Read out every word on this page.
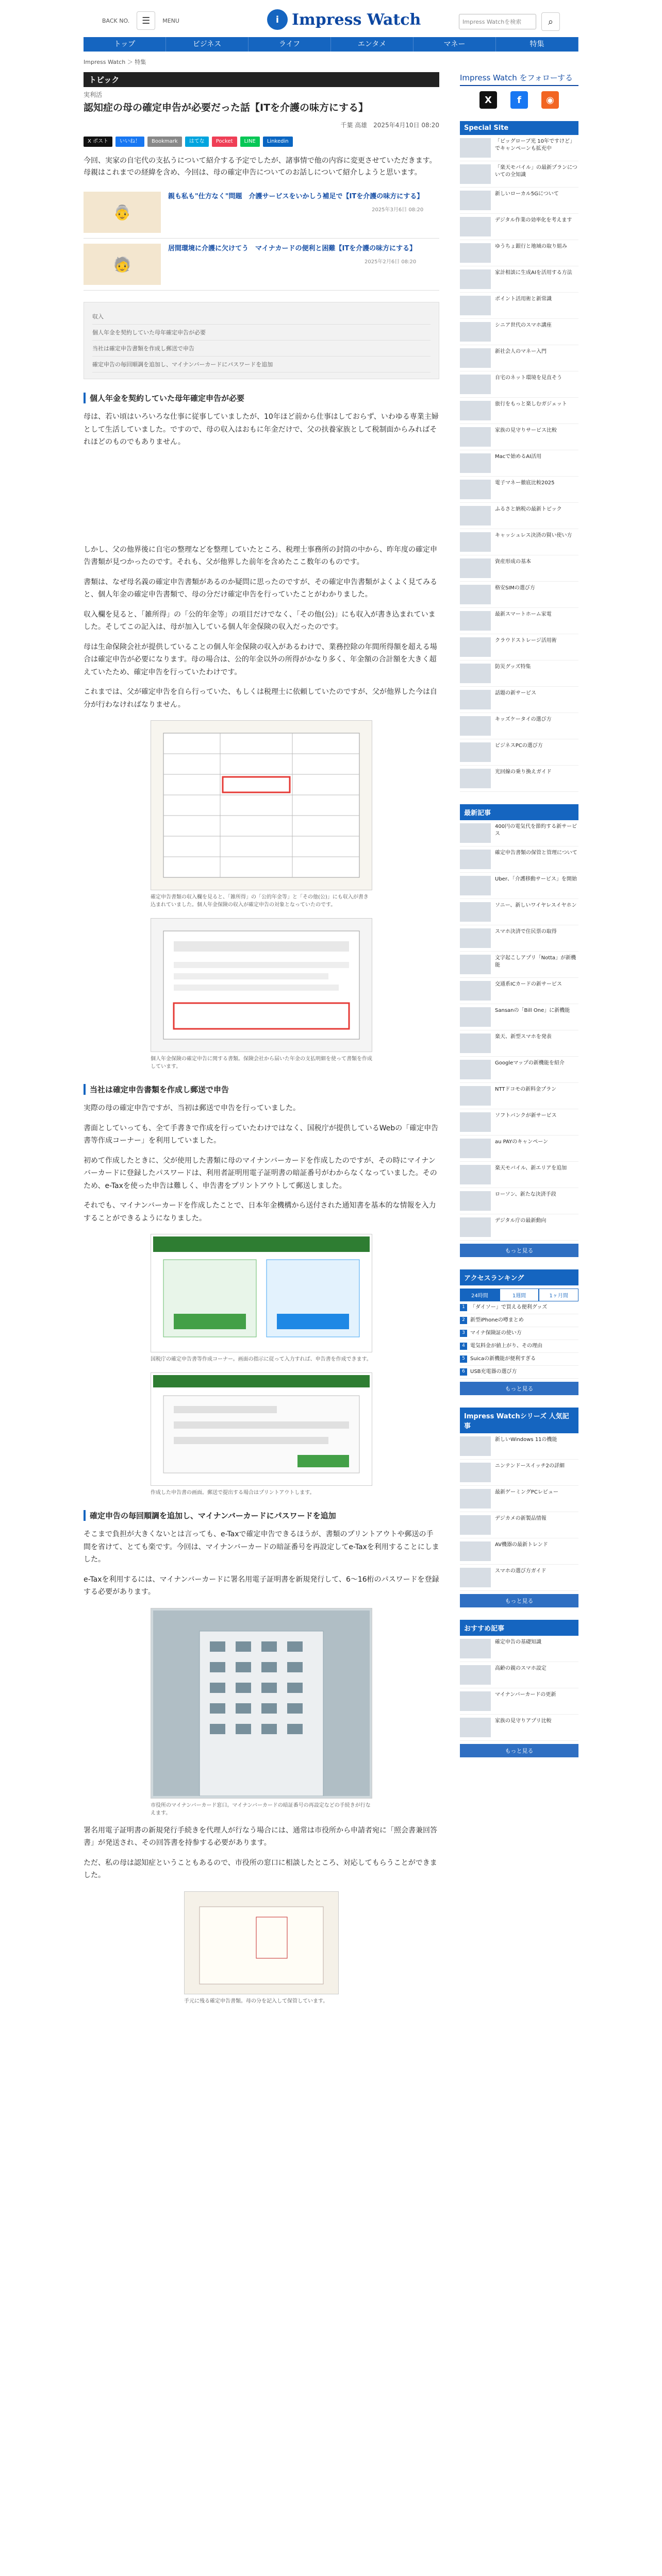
BACK NO.	☰	MENU	i Impress Watch	Impress Watchを検索	⌕
トップ	ビジネス	ライフ	エンタメ	マネー	特集
Impress Watch ＞ 特集
トピック
実利活
認知症の母の確定申告が必要だった話【ITを介護の味方にする】
千葉 高雄　2025年4月10日 08:20
X ポスト	いいね！	Bookmark	はてな	Pocket	LINE	Linkedin

今回、実家の自宅代の支払うについて紹介する予定でしたが、諸事情で他の内容に変更させていただきます。母親はこれまでの経緯を含め、今回は、母の確定申告についてのお話しについて紹介しようと思います。

👵
親も私も"仕方なく"問題　介護サービスをいかしう補足で【ITを介護の味方にする】
2025年3月6日 08:20
🧓
居間環境に介護に欠けてう　マイナカードの便利と困難【ITを介護の味方にする】
2025年2月6日 08:20
収入
個人年金を契約していた母年確定申告が必要
当社は確定申告書類を作成し郵送で申告
確定申告の毎回順調を追加し、マイナンバーカードにパスワードを追加
個人年金を契約していた母年確定申告が必要

母は、若い頃はいろいろな仕事に従事していましたが、10年ほど前から仕事はしておらず、いわゆる専業主婦として生活していました。ですので、母の収入はおもに年金だけで、父の扶養家族として税制面からみればそれほどのものでもありません。

しかし、父の他界後に自宅の整理などを整理していたところ、税理士事務所の封筒の中から、昨年度の確定申告書類が見つかったのです。それも、父が他界した前年を含めたここ数年のものです。

書類は、なぜ母名義の確定申告書類があるのか疑問に思ったのですが、その確定申告書類がよくよく見てみると、個人年金の確定申告書類で、母の分だけ確定申告を行っていたことがわかりました。

収入欄を見ると、「雑所得」の「公的年金等」の項目だけでなく、「その他(公)」にも収入が書き込まれていました。そしてこの記入は、母が加入している個人年金保険の収入だったのです。

母は生命保険会社が提供していることの個人年金保険の収入があるわけで、業務控除の年間所得額を超える場合は確定申告が必要になります。母の場合は、公的年金以外の所得がかなり多く、年金額の合計額を大きく超えていたため、確定申告を行っていたわけです。

これまでは、父が確定申告を自ら行っていた、もしくは税理士に依頼していたのですが、父が他界した今は自分が行わなければなりません。

確定申告書類の収入欄を見ると、「雑所得」の「公的年金等」と「その他(公)」にも収入が書き込まれていました。個人年金保険の収入が確定申告の対象となっていたのです。
個人年金保険の確定申告に関する書類。保険会社から届いた年金の支払明細を使って書類を作成しています。
当社は確定申告書類を作成し郵送で申告

実際の母の確定申告ですが、当初は郵送で申告を行っていました。

書面としていっても、全て手書きで作成を行っていたわけではなく、国税庁が提供しているWebの「確定申告書等作成コーナー」を利用していました。

初めて作成したときに、父が使用した書類に母のマイナンバーカードを作成したのですが、その時にマイナンバーカードに登録したパスワードは、利用者証明用電子証明書の暗証番号がわからなくなっていました。そのため、e-Taxを使った申告は難しく、申告書をプリントアウトして郵送しました。

それでも、マイナンバーカードを作成したことで、日本年金機構から送付された通知書を基本的な情報を入力することができるようになりました。

国税庁の確定申告書等作成コーナー。画面の指示に従って入力すれば、申告書を作成できます。
作成した申告書の画面。郵送で提出する場合はプリントアウトします。
確定申告の毎回順調を追加し、マイナンバーカードにパスワードを追加

そこまで負担が大きくないとは言っても、e-Taxで確定申告できるほうが、書類のプリントアウトや郵送の手間を省けて、とても楽です。今回は、マイナンバーカードの暗証番号を再設定してe-Taxを利用することにしました。

e-Taxを利用するには、マイナンバーカードに署名用電子証明書を新規発行して、6〜16桁のパスワードを登録する必要があります。

市役所のマイナンバーカード窓口。マイナンバーカードの暗証番号の再設定などの手続きが行なえます。

署名用電子証明書の新規発行手続きを代理人が行なう場合には、通常は市役所から申請者宛に「照会書兼回答書」が発送され、その回答書を持参する必要があります。

ただ、私の母は認知症ということもあるので、市役所の窓口に相談したところ、対応してもらうことができました。

手元に残る確定申告書類。母の分を記入して保管しています。
Impress Watch をフォローする
X	f	◉
Special Site
「ビッグローブ光 10年ですけど」でキャンペーンも拡充中
「楽天モバイル」の最新プランについての全知識
新しいローカル5Gについて
デジタル作業の効率化を考えます
ゆうちょ銀行と地域の取り組み
家計相談に生成AIを活用する方法
ポイント活用術と新常識
シニア世代のスマホ講座
新社会人のマネー入門
自宅のネット環境を見直そう
旅行をもっと楽しむガジェット
家族の見守りサービス比較
Macで始めるAI活用
電子マネー徹底比較2025
ふるさと納税の最新トピック
キャッシュレス決済の賢い使い方
資産形成の基本
格安SIMの選び方
最新スマートホーム家電
クラウドストレージ活用術
防災グッズ特集
話題の新サービス
キッズケータイの選び方
ビジネスPCの選び方
光回線の乗り換えガイド
最新記事
400円の電気代を節約する新サービス
確定申告書類の保管と管理について
Uber、「介護移動サービス」を開始
ソニー、新しいワイヤレスイヤホン
スマホ決済で住民票の取得
文字起こしアプリ「Notta」が新機能
交通系ICカードの新サービス
Sansanの「Bill One」に新機能
楽天、新型スマホを発表
Googleマップの新機能を紹介
NTTドコモの新料金プラン
ソフトバンクが新サービス
au PAYのキャンペーン
楽天モバイル、新エリアを追加
ローソン、新たな決済手段
デジタル庁の最新動向
もっと見る
アクセスランキング
24時間	1週間	1ヶ月間
1	「ダイソー」で買える便利グッズ
2	新型iPhoneの噂まとめ
3	マイナ保険証の使い方
4	電気料金が値上がり、その理由
5	Suicaの新機能が便利すぎる
6	USB充電器の選び方
もっと見る
Impress Watchシリーズ 人気記事
新しいWindows 11の機能
ニンテンドースイッチ2の詳細
最新ゲーミングPCレビュー
デジカメの新製品情報
AV機器の最新トレンド
スマホの選び方ガイド
もっと見る
おすすめ記事
確定申告の基礎知識
高齢の親のスマホ設定
マイナンバーカードの更新
家族の見守りアプリ比較
もっと見る
